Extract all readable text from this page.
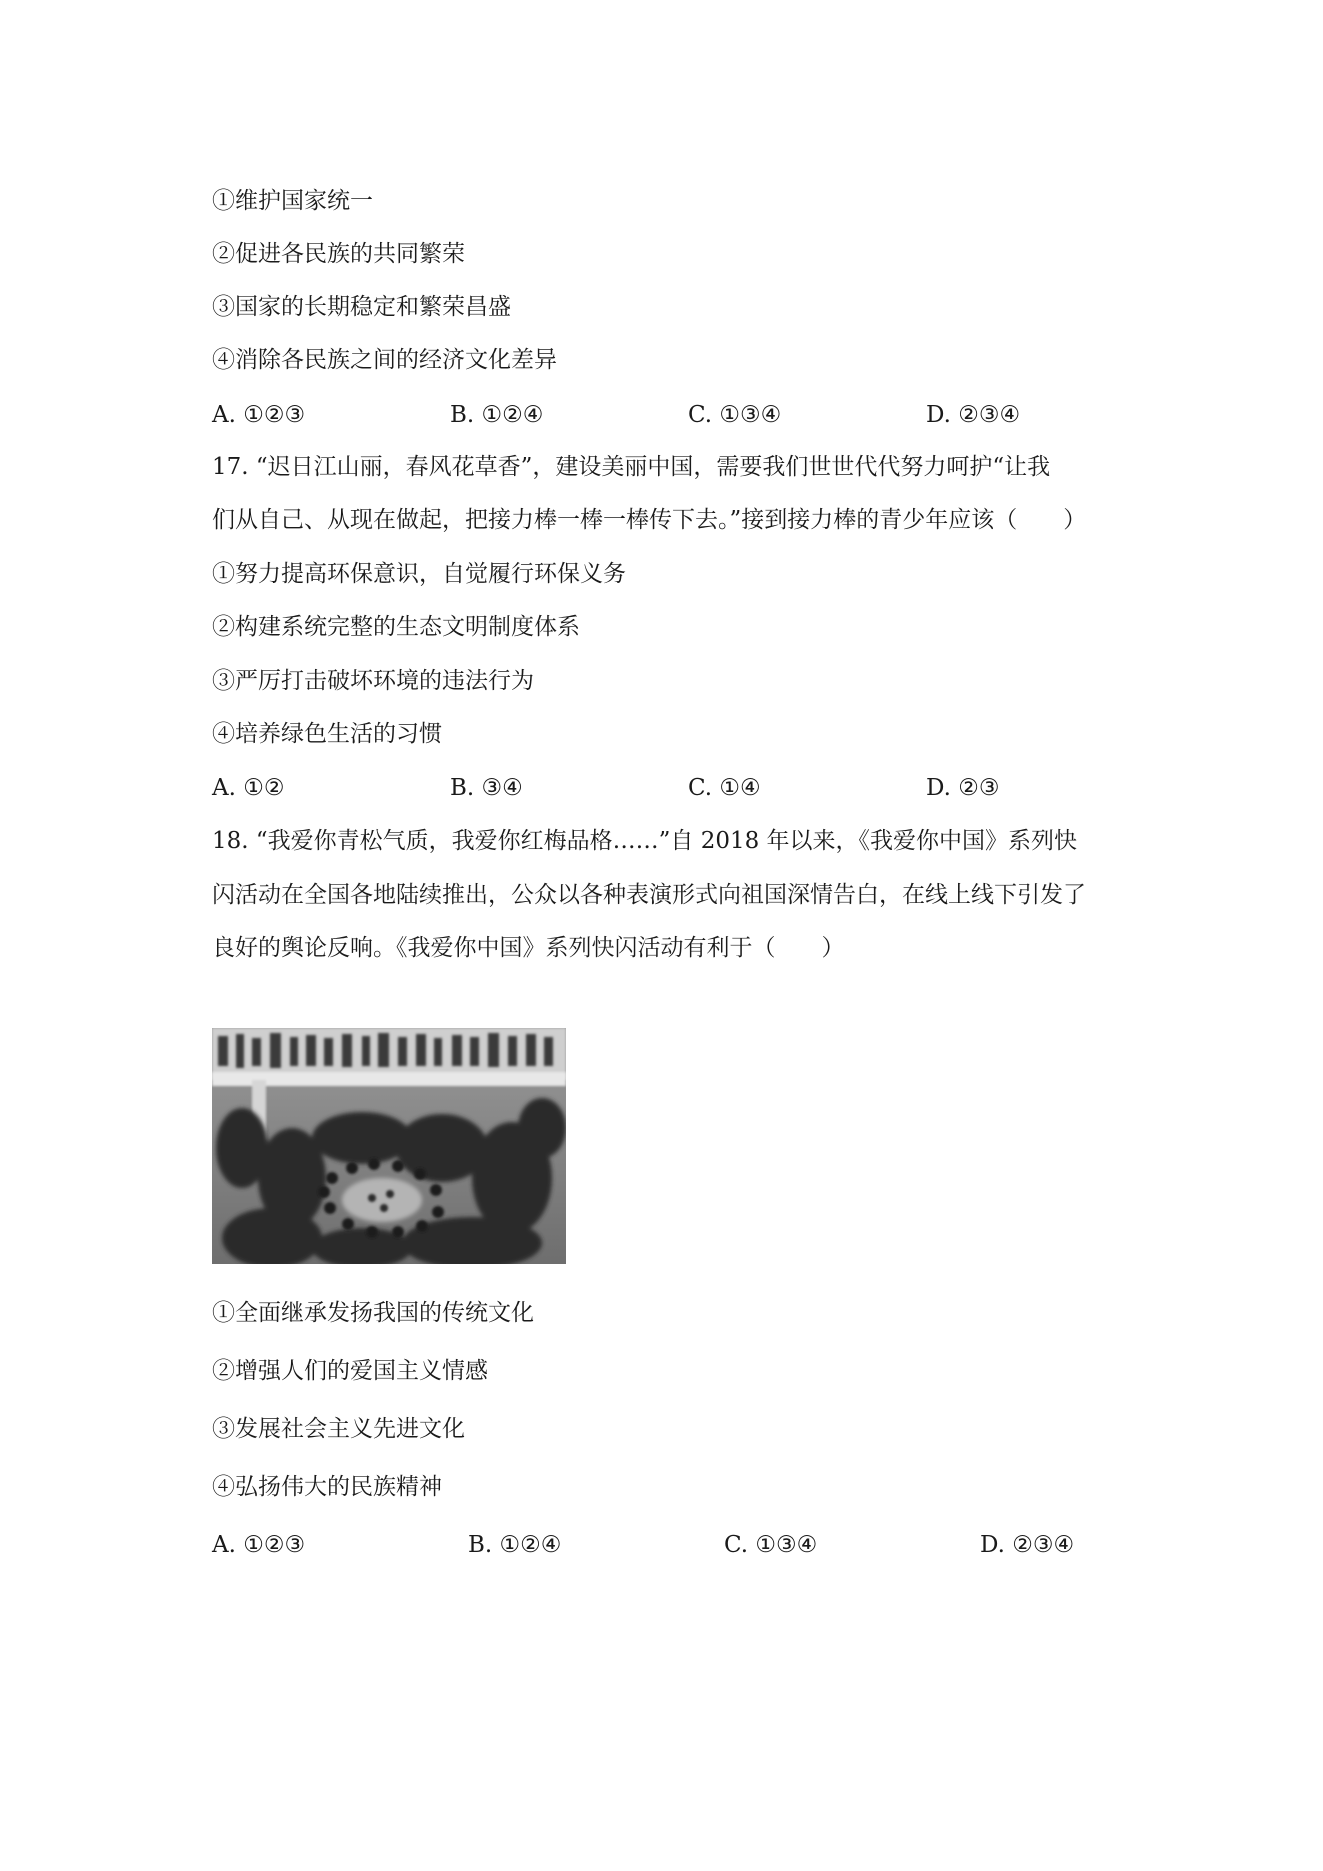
①维护国家统一
②促进各民族的共同繁荣
③国家的长期稳定和繁荣昌盛
④消除各民族之间的经济文化差异
A. ①②③	B. ①②④	C. ①③④	D. ②③④
17. “迟日江山丽，春风花草香”，建设美丽中国，需要我们世世代代努力呵护“让我
们从自己、从现在做起，把接力棒一棒一棒传下去。”接到接力棒的青少年应该（　　）
①努力提高环保意识，自觉履行环保义务
②构建系统完整的生态文明制度体系
③严厉打击破坏环境的违法行为
④培养绿色生活的习惯
A. ①②	B. ③④	C. ①④	D. ②③
18. “我爱你青松气质，我爱你红梅品格……”自 2018 年以来，《我爱你中国》系列快
闪活动在全国各地陆续推出，公众以各种表演形式向祖国深情告白，在线上线下引发了
良好的舆论反响。《我爱你中国》系列快闪活动有利于（　　）
①全面继承发扬我国的传统文化
②增强人们的爱国主义情感
③发展社会主义先进文化
④弘扬伟大的民族精神
A. ①②③	B. ①②④	C. ①③④	D. ②③④
